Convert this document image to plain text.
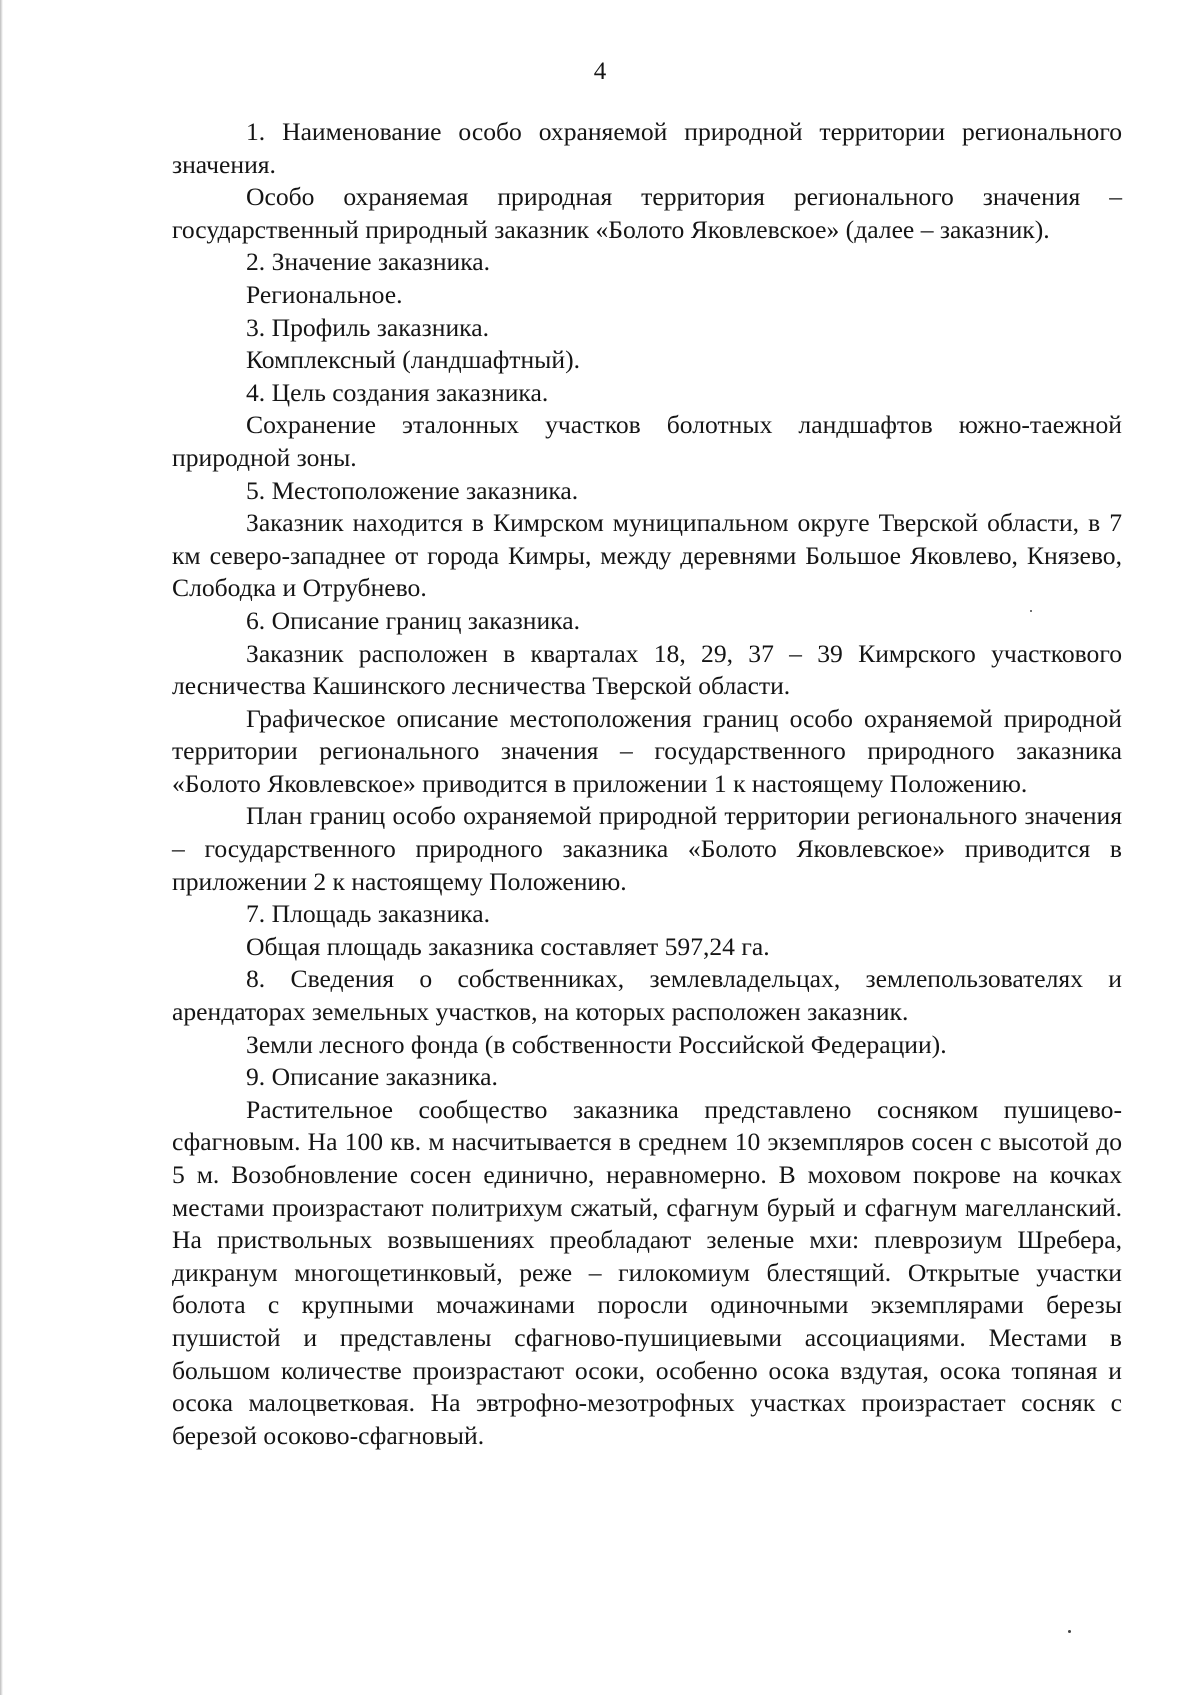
4

1. Наименование особо охраняемой природной территории регионального значения.

Особо охраняемая природная территория регионального значения – государственный природный заказник «Болото Яковлевское» (далее – заказник).

2. Значение заказника.

Региональное.

3. Профиль заказника.

Комплексный (ландшафтный).

4. Цель создания заказника.

Сохранение эталонных участков болотных ландшафтов южно-таежной природной зоны.

5. Местоположение заказника.

Заказник находится в Кимрском муниципальном округе Тверской области, в 7 км северо-западнее от города Кимры, между деревнями Большое Яковлево, Князево, Слободка и Отрубнево.

6. Описание границ заказника.

Заказник расположен в кварталах 18, 29, 37 – 39 Кимрского участкового лесничества Кашинского лесничества Тверской области.

Графическое описание местоположения границ особо охраняемой природной территории регионального значения – государственного природного заказника «Болото Яковлевское» приводится в приложении 1 к настоящему Положению.

План границ особо охраняемой природной территории регионального значения – государственного природного заказника «Болото Яковлевское» приводится в приложении 2 к настоящему Положению.

7. Площадь заказника.

Общая площадь заказника составляет 597,24 га.

8. Сведения о собственниках, землевладельцах, землепользователях и арендаторах земельных участков, на которых расположен заказник.

Земли лесного фонда (в собственности Российской Федерации).

9. Описание заказника.

Растительное сообщество заказника представлено сосняком пушицево-сфагновым. На 100 кв. м насчитывается в среднем 10 экземпляров сосен с высотой до 5 м. Возобновление сосен единично, неравномерно. В моховом покрове на кочках местами произрастают политрихум сжатый, сфагнум бурый и сфагнум магелланский. На приствольных возвышениях преобладают зеленые мхи: плеврозиум Шребера, дикранум многощетинковый, реже – гилокомиум блестящий. Открытые участки болота с крупными мочажинами поросли одиночными экземплярами березы пушистой и представлены сфагново-пушициевыми ассоциациями. Местами в большом количестве произрастают осоки, особенно осока вздутая, осока топяная и осока малоцветковая. На эвтрофно-мезотрофных участках произрастает сосняк с березой осоково-сфагновый.
